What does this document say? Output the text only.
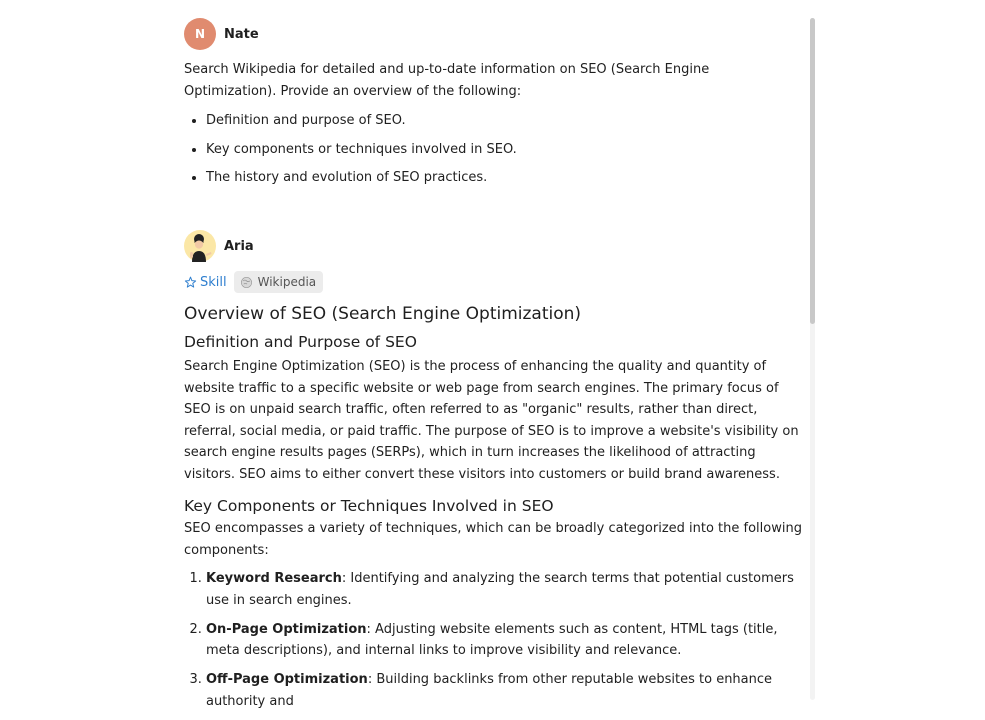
N Nate

Search Wikipedia for detailed and up-to-date information on SEO (Search Engine Optimization). Provide an overview of the following:

• Definition and purpose of SEO.
• Key components or techniques involved in SEO.
• The history and evolution of SEO practices.
Aria
Skill	Wikipedia
Overview of SEO (Search Engine Optimization)
Definition and Purpose of SEO

Search Engine Optimization (SEO) is the process of enhancing the quality and quantity of website traffic to a specific website or web page from search engines. The primary focus of SEO is on unpaid search traffic, often referred to as "organic" results, rather than direct, referral, social media, or paid traffic. The purpose of SEO is to improve a website's visibility on search engine results pages (SERPs), which in turn increases the likelihood of attracting visitors. SEO aims to either convert these visitors into customers or build brand awareness.

Key Components or Techniques Involved in SEO

SEO encompasses a variety of techniques, which can be broadly categorized into the following components:

1. Keyword Research: Identifying and analyzing the search terms that potential customers use in search engines.
2. On-Page Optimization: Adjusting website elements such as content, HTML tags (title, meta descriptions), and internal links to improve visibility and relevance.
3. Off-Page Optimization: Building backlinks from other reputable websites to enhance authority and
